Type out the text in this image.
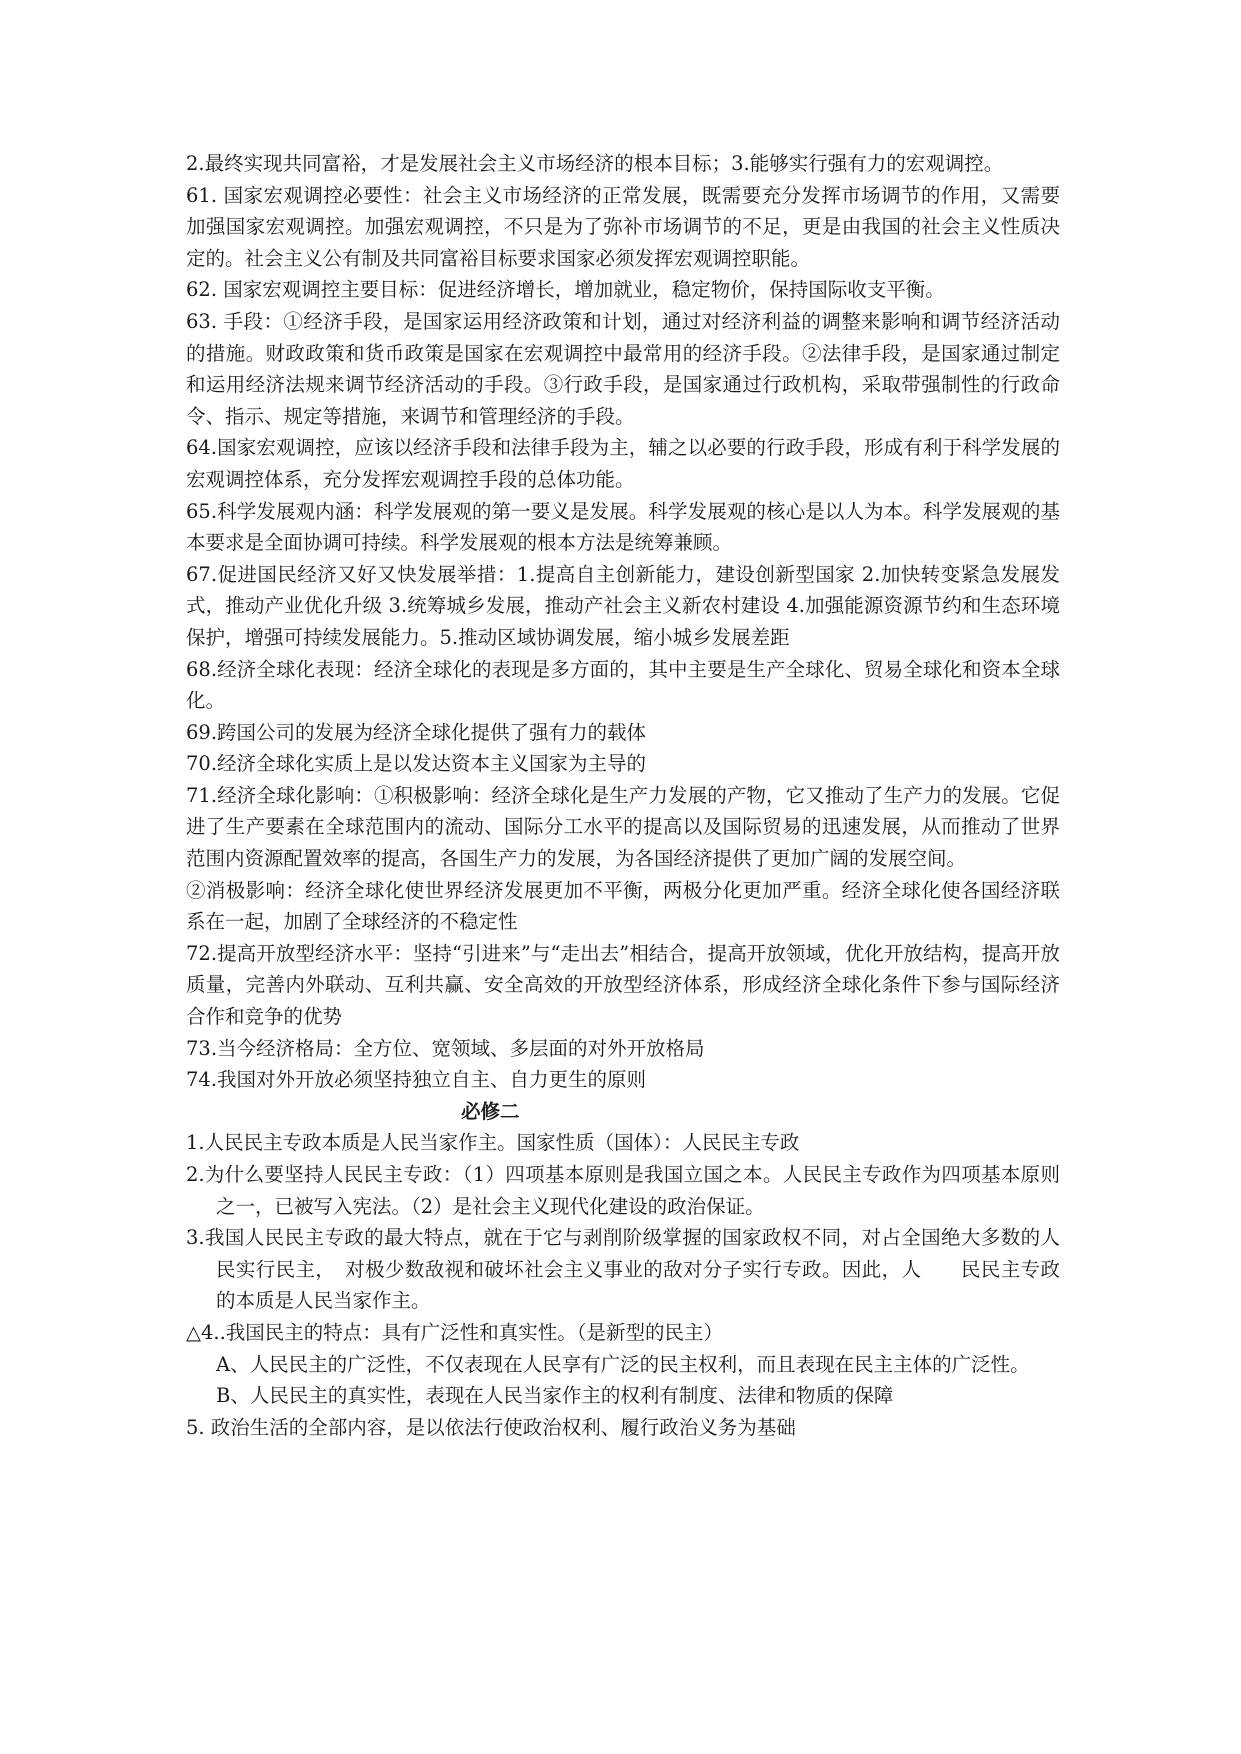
2.最终实现共同富裕，才是发展社会主义市场经济的根本目标；3.能够实行强有力的宏观调控。

61. 国家宏观调控必要性：社会主义市场经济的正常发展，既需要充分发挥市场调节的作用，又需要加强国家宏观调控。加强宏观调控，不只是为了弥补市场调节的不足，更是由我国的社会主义性质决定的。社会主义公有制及共同富裕目标要求国家必须发挥宏观调控职能。

62. 国家宏观调控主要目标：促进经济增长，增加就业，稳定物价，保持国际收支平衡。

63. 手段：①经济手段，是国家运用经济政策和计划，通过对经济利益的调整来影响和调节经济活动的措施。财政政策和货币政策是国家在宏观调控中最常用的经济手段。②法律手段，是国家通过制定和运用经济法规来调节经济活动的手段。③行政手段，是国家通过行政机构，采取带强制性的行政命令、指示、规定等措施，来调节和管理经济的手段。

64.国家宏观调控，应该以经济手段和法律手段为主，辅之以必要的行政手段，形成有利于科学发展的宏观调控体系，充分发挥宏观调控手段的总体功能。

65.科学发展观内涵：科学发展观的第一要义是发展。科学发展观的核心是以人为本。科学发展观的基本要求是全面协调可持续。科学发展观的根本方法是统筹兼顾。

67.促进国民经济又好又快发展举措：1.提高自主创新能力，建设创新型国家 2.加快转变紧急发展发式，推动产业优化升级 3.统筹城乡发展，推动产社会主义新农村建设 4.加强能源资源节约和生态环境保护，增强可持续发展能力。5.推动区域协调发展，缩小城乡发展差距

68.经济全球化表现：经济全球化的表现是多方面的，其中主要是生产全球化、贸易全球化和资本全球化。

69.跨国公司的发展为经济全球化提供了强有力的载体

70.经济全球化实质上是以发达资本主义国家为主导的

71.经济全球化影响：①积极影响：经济全球化是生产力发展的产物，它又推动了生产力的发展。它促进了生产要素在全球范围内的流动、国际分工水平的提高以及国际贸易的迅速发展，从而推动了世界范围内资源配置效率的提高，各国生产力的发展，为各国经济提供了更加广阔的发展空间。

②消极影响：经济全球化使世界经济发展更加不平衡，两极分化更加严重。经济全球化使各国经济联系在一起，加剧了全球经济的不稳定性

72.提高开放型经济水平：坚持“引进来”与“走出去”相结合，提高开放领域，优化开放结构，提高开放质量，完善内外联动、互利共赢、安全高效的开放型经济体系，形成经济全球化条件下参与国际经济合作和竞争的优势

73.当今经济格局：全方位、宽领域、多层面的对外开放格局

74.我国对外开放必须坚持独立自主、自力更生的原则

必修二

1.人民民主专政本质是人民当家作主。国家性质（国体）：人民民主专政

2.为什么要坚持人民民主专政：（1）四项基本原则是我国立国之本。人民民主专政作为四项基本原则之一，已被写入宪法。（2）是社会主义现代化建设的政治保证。

3.我国人民民主专政的最大特点，就在于它与剥削阶级掌握的国家政权不同，对占全国绝大多数的人民实行民主，　对极少数敌视和破坏社会主义事业的敌对分子实行专政。因此，人　　民民主专政的本质是人民当家作主。

△4..我国民主的特点：具有广泛性和真实性。（是新型的民主）

A、人民民主的广泛性，不仅表现在人民享有广泛的民主权利，而且表现在民主主体的广泛性。

B、人民民主的真实性，表现在人民当家作主的权利有制度、法律和物质的保障

5. 政治生活的全部内容，是以依法行使政治权利、履行政治义务为基础
